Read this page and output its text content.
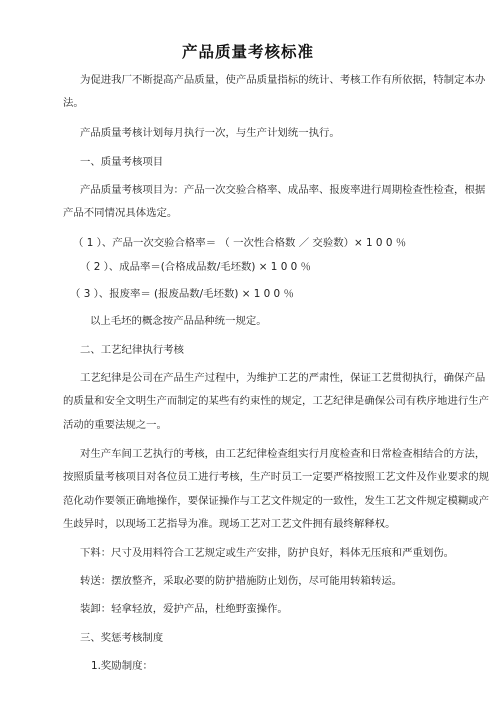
产品质量考核标准

为促进我厂不断提高产品质量，使产品质量指标的统计、考核工作有所依据，特制定本办

法。

产品质量考核计划每月执行一次，与生产计划统一执行。

一、质量考核项目

产品质量考核项目为：产品一次交验合格率、成品率、报废率进行周期检查性检查，根据

产品不同情况具体选定。

（ 1 ）、产品一次交验合格率＝ （ 一次性合格数 ／ 交验数）× 1 0 0 ％

（ 2 ）、成品率＝(合格成品数/毛坯数) × 1 0 0 ％

（ 3 ）、报废率＝ (报废品数/毛坯数) × 1 0 0 ％

以上毛坯的概念按产品品种统一规定。

二、工艺纪律执行考核

工艺纪律是公司在产品生产过程中，为维护工艺的严肃性，保证工艺贯彻执行，确保产品

的质量和安全文明生产而制定的某些有约束性的规定，工艺纪律是确保公司有秩序地进行生产

活动的重要法规之一。

对生产车间工艺执行的考核，由工艺纪律检查组实行月度检查和日常检查相结合的方法，

按照质量考核项目对各位员工进行考核，生产时员工一定要严格按照工艺文件及作业要求的规

范化动作要领正确地操作，要保证操作与工艺文件规定的一致性，发生工艺文件规定模糊或产

生歧异时，以现场工艺指导为准。现场工艺对工艺文件拥有最终解释权。

下料：尺寸及用料符合工艺规定或生产安排，防护良好，料体无压痕和严重划伤。

转送：摆放整齐，采取必要的防护措施防止划伤，尽可能用转箱转运。

装卸：轻拿轻放，爱护产品，杜绝野蛮操作。

三、奖惩考核制度

1.奖励制度：
